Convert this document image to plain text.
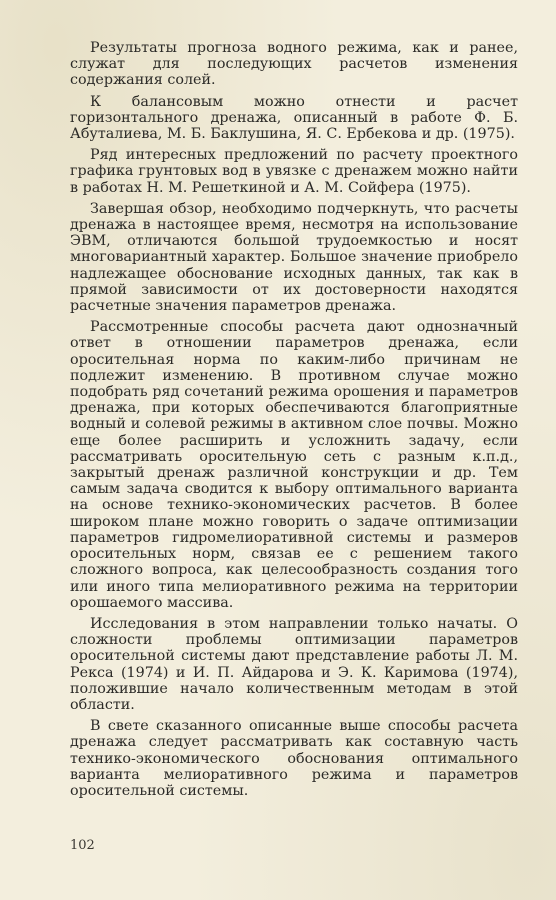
Результаты прогноза водного режима, как и ранее, служат для последующих расчетов изменения содержания солей.

К балансовым можно отнести и расчет горизонтального дренажа, описанный в работе Ф. Б. Абуталиева, М. Б. Баклушина, Я. С. Ербекова и др. (1975).

Ряд интересных предложений по расчету проектного графика грунтовых вод в увязке с дренажем можно найти в работах Н. М. Решеткиной и А. М. Сойфера (1975).

Завершая обзор, необходимо подчеркнуть, что расчеты дренажа в настоящее время, несмотря на использование ЭВМ, отличаются большой трудоемкостью и носят многовариантный характер. Большое значение приобрело надлежащее обоснование исходных данных, так как в прямой зависимости от их достоверности находятся расчетные значения параметров дренажа.

Рассмотренные способы расчета дают однозначный ответ в отношении параметров дренажа, если оросительная норма по каким-либо причинам не подлежит изменению. В противном случае можно подобрать ряд сочетаний режима орошения и параметров дренажа, при которых обеспечиваются благоприятные водный и солевой режимы в активном слое почвы. Можно еще более расширить и усложнить задачу, если рассматривать оросительную сеть с разным к.п.д., закрытый дренаж различной конструкции и др. Тем самым задача сводится к выбору оптимального варианта на основе технико-экономических расчетов. В более широком плане можно говорить о задаче оптимизации параметров гидромелиоративной системы и размеров оросительных норм, связав ее с решением такого сложного вопроса, как целесообразность создания того или иного типа мелиоративного режима на территории орошаемого массива.

Исследования в этом направлении только начаты. О сложности проблемы оптимизации параметров оросительной системы дают представление работы Л. М. Рекса (1974) и И. П. Айдарова и Э. К. Каримова (1974), положившие начало количественным методам в этой области.

В свете сказанного описанные выше способы расчета дренажа следует рассматривать как составную часть технико-экономического обоснования оптимального варианта мелиоративного режима и параметров оросительной системы.

102
